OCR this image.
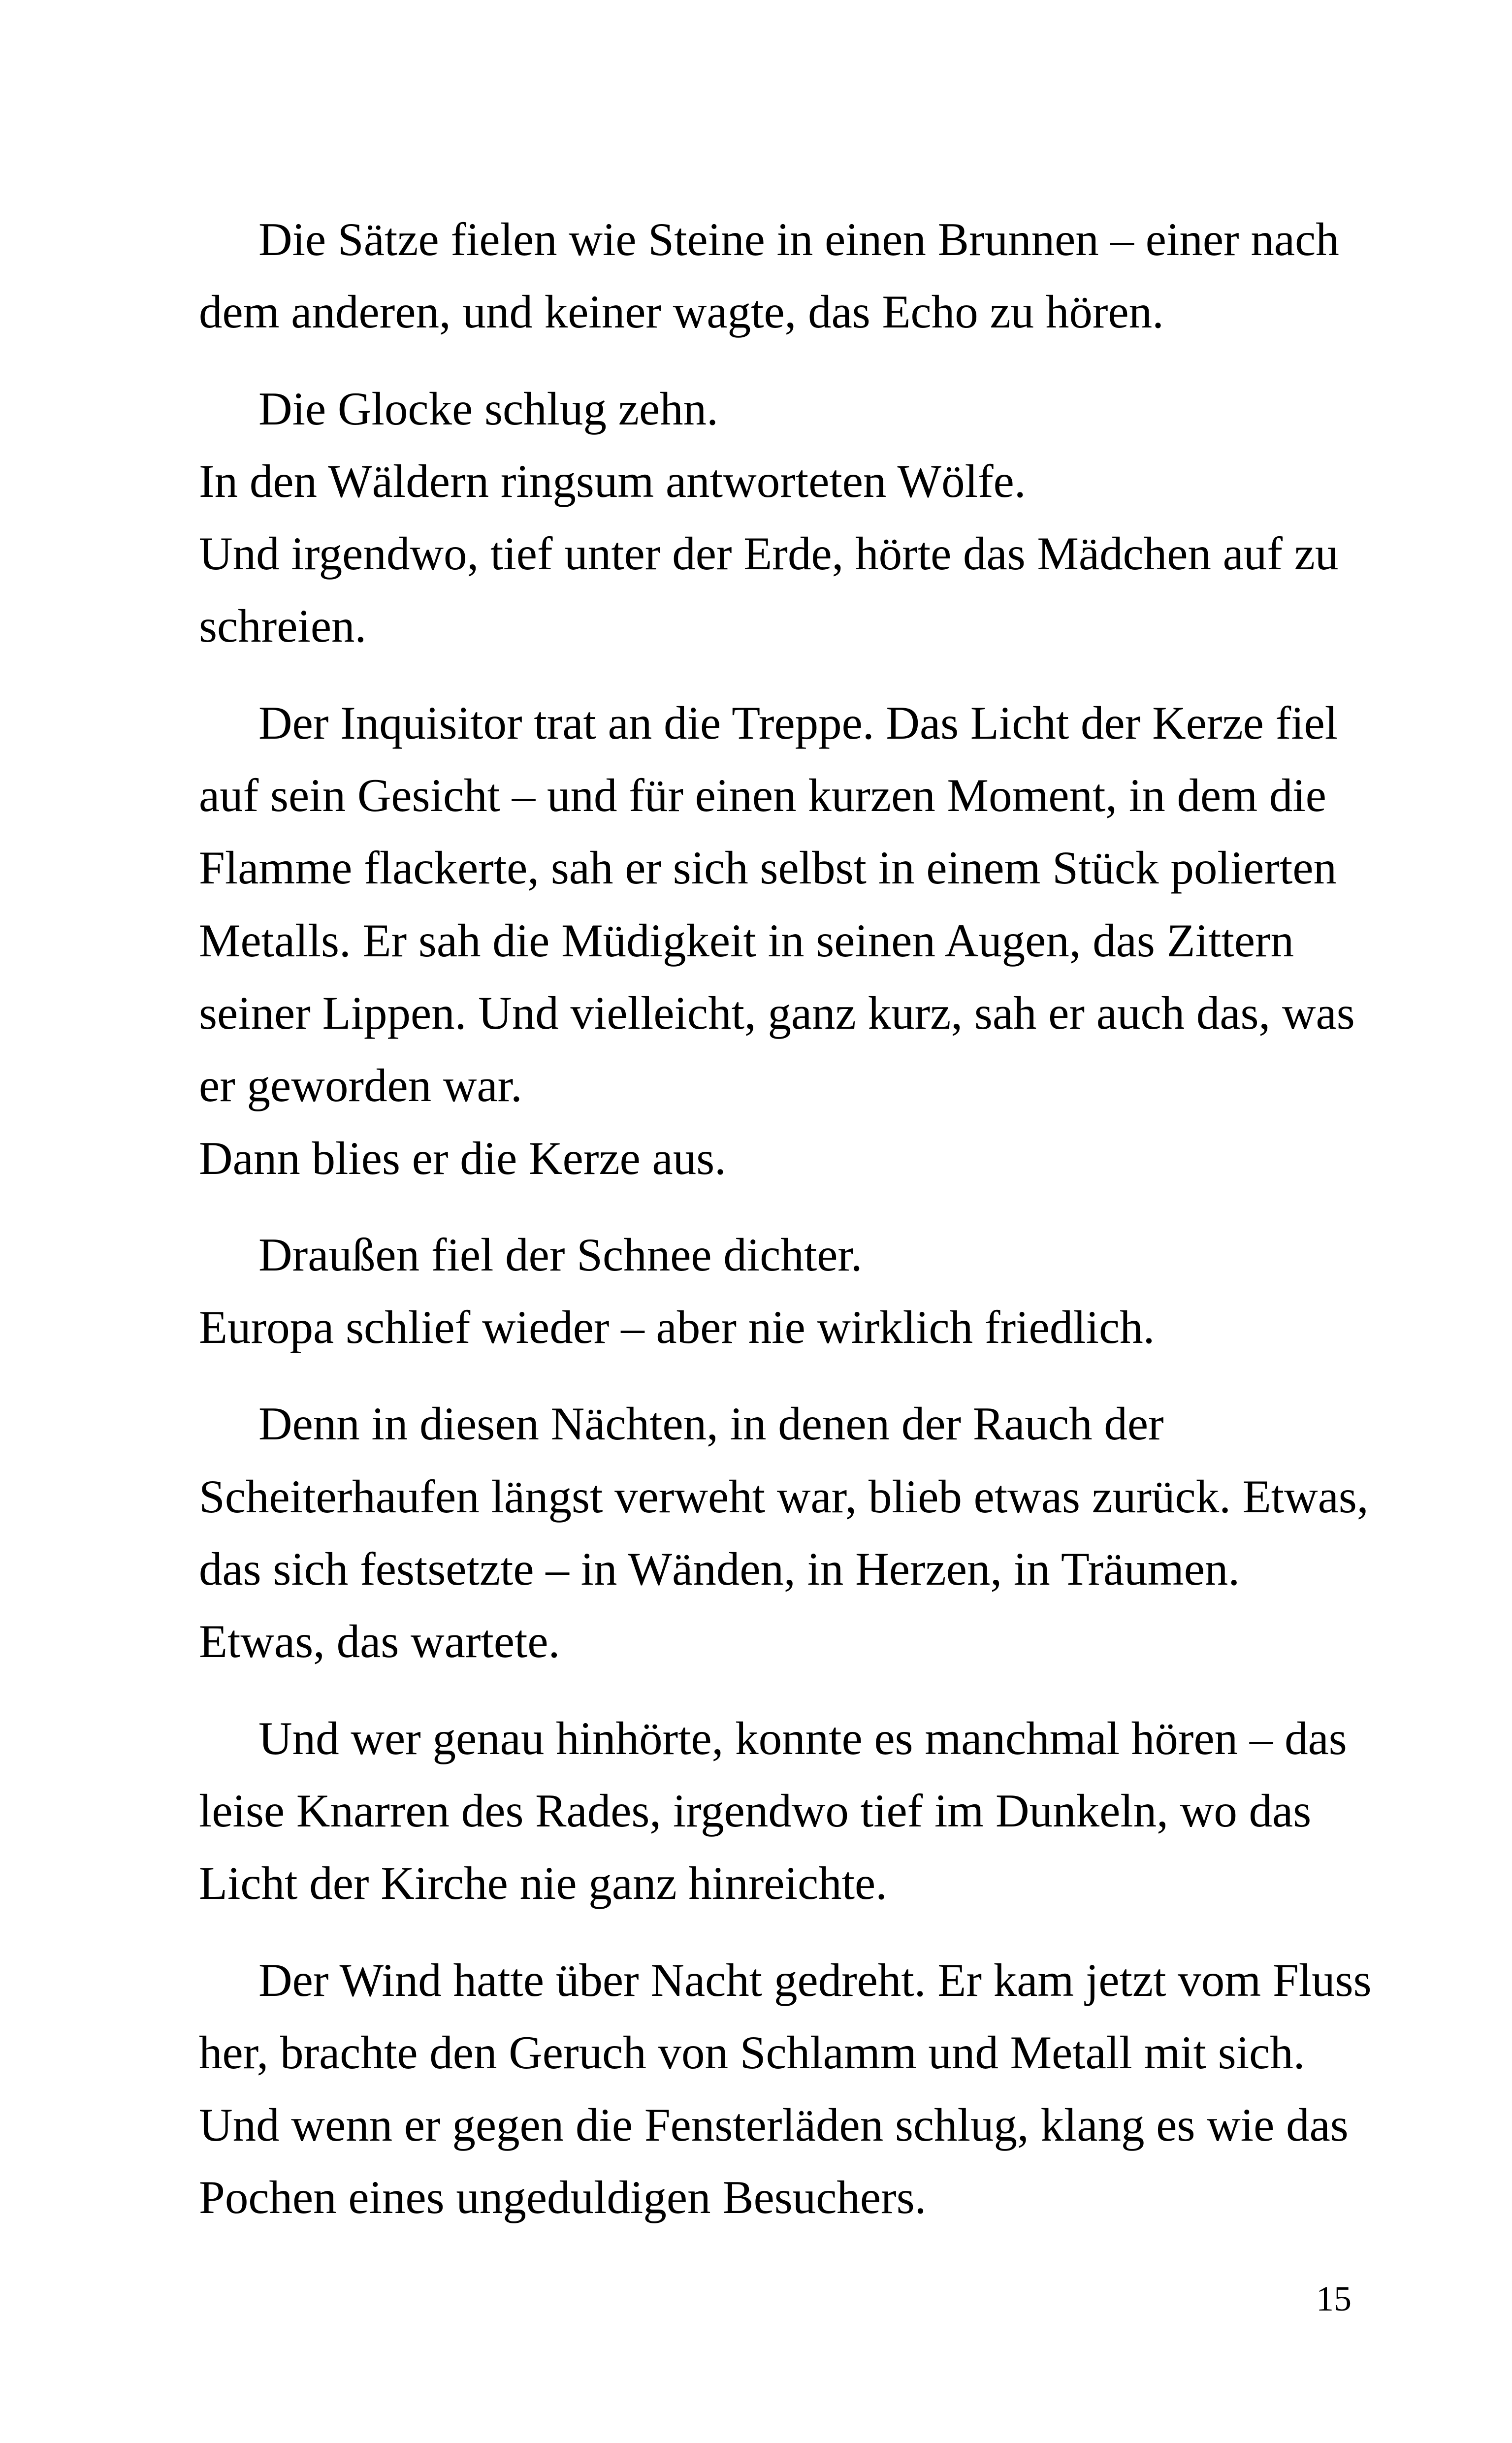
Die Sätze fielen wie Steine in einen Brunnen – einer nach
dem anderen, und keiner wagte, das Echo zu hören.
Die Glocke schlug zehn.
In den Wäldern ringsum antworteten Wölfe.
Und irgendwo, tief unter der Erde, hörte das Mädchen auf zu
schreien.
Der Inquisitor trat an die Treppe. Das Licht der Kerze fiel
auf sein Gesicht – und für einen kurzen Moment, in dem die
Flamme flackerte, sah er sich selbst in einem Stück polierten
Metalls. Er sah die Müdigkeit in seinen Augen, das Zittern
seiner Lippen. Und vielleicht, ganz kurz, sah er auch das, was
er geworden war.
Dann blies er die Kerze aus.
Draußen fiel der Schnee dichter.
Europa schlief wieder – aber nie wirklich friedlich.
Denn in diesen Nächten, in denen der Rauch der
Scheiterhaufen längst verweht war, blieb etwas zurück. Etwas,
das sich festsetzte – in Wänden, in Herzen, in Träumen.
Etwas, das wartete.
Und wer genau hinhörte, konnte es manchmal hören – das
leise Knarren des Rades, irgendwo tief im Dunkeln, wo das
Licht der Kirche nie ganz hinreichte.
Der Wind hatte über Nacht gedreht. Er kam jetzt vom Fluss
her, brachte den Geruch von Schlamm und Metall mit sich.
Und wenn er gegen die Fensterläden schlug, klang es wie das
Pochen eines ungeduldigen Besuchers.
15
